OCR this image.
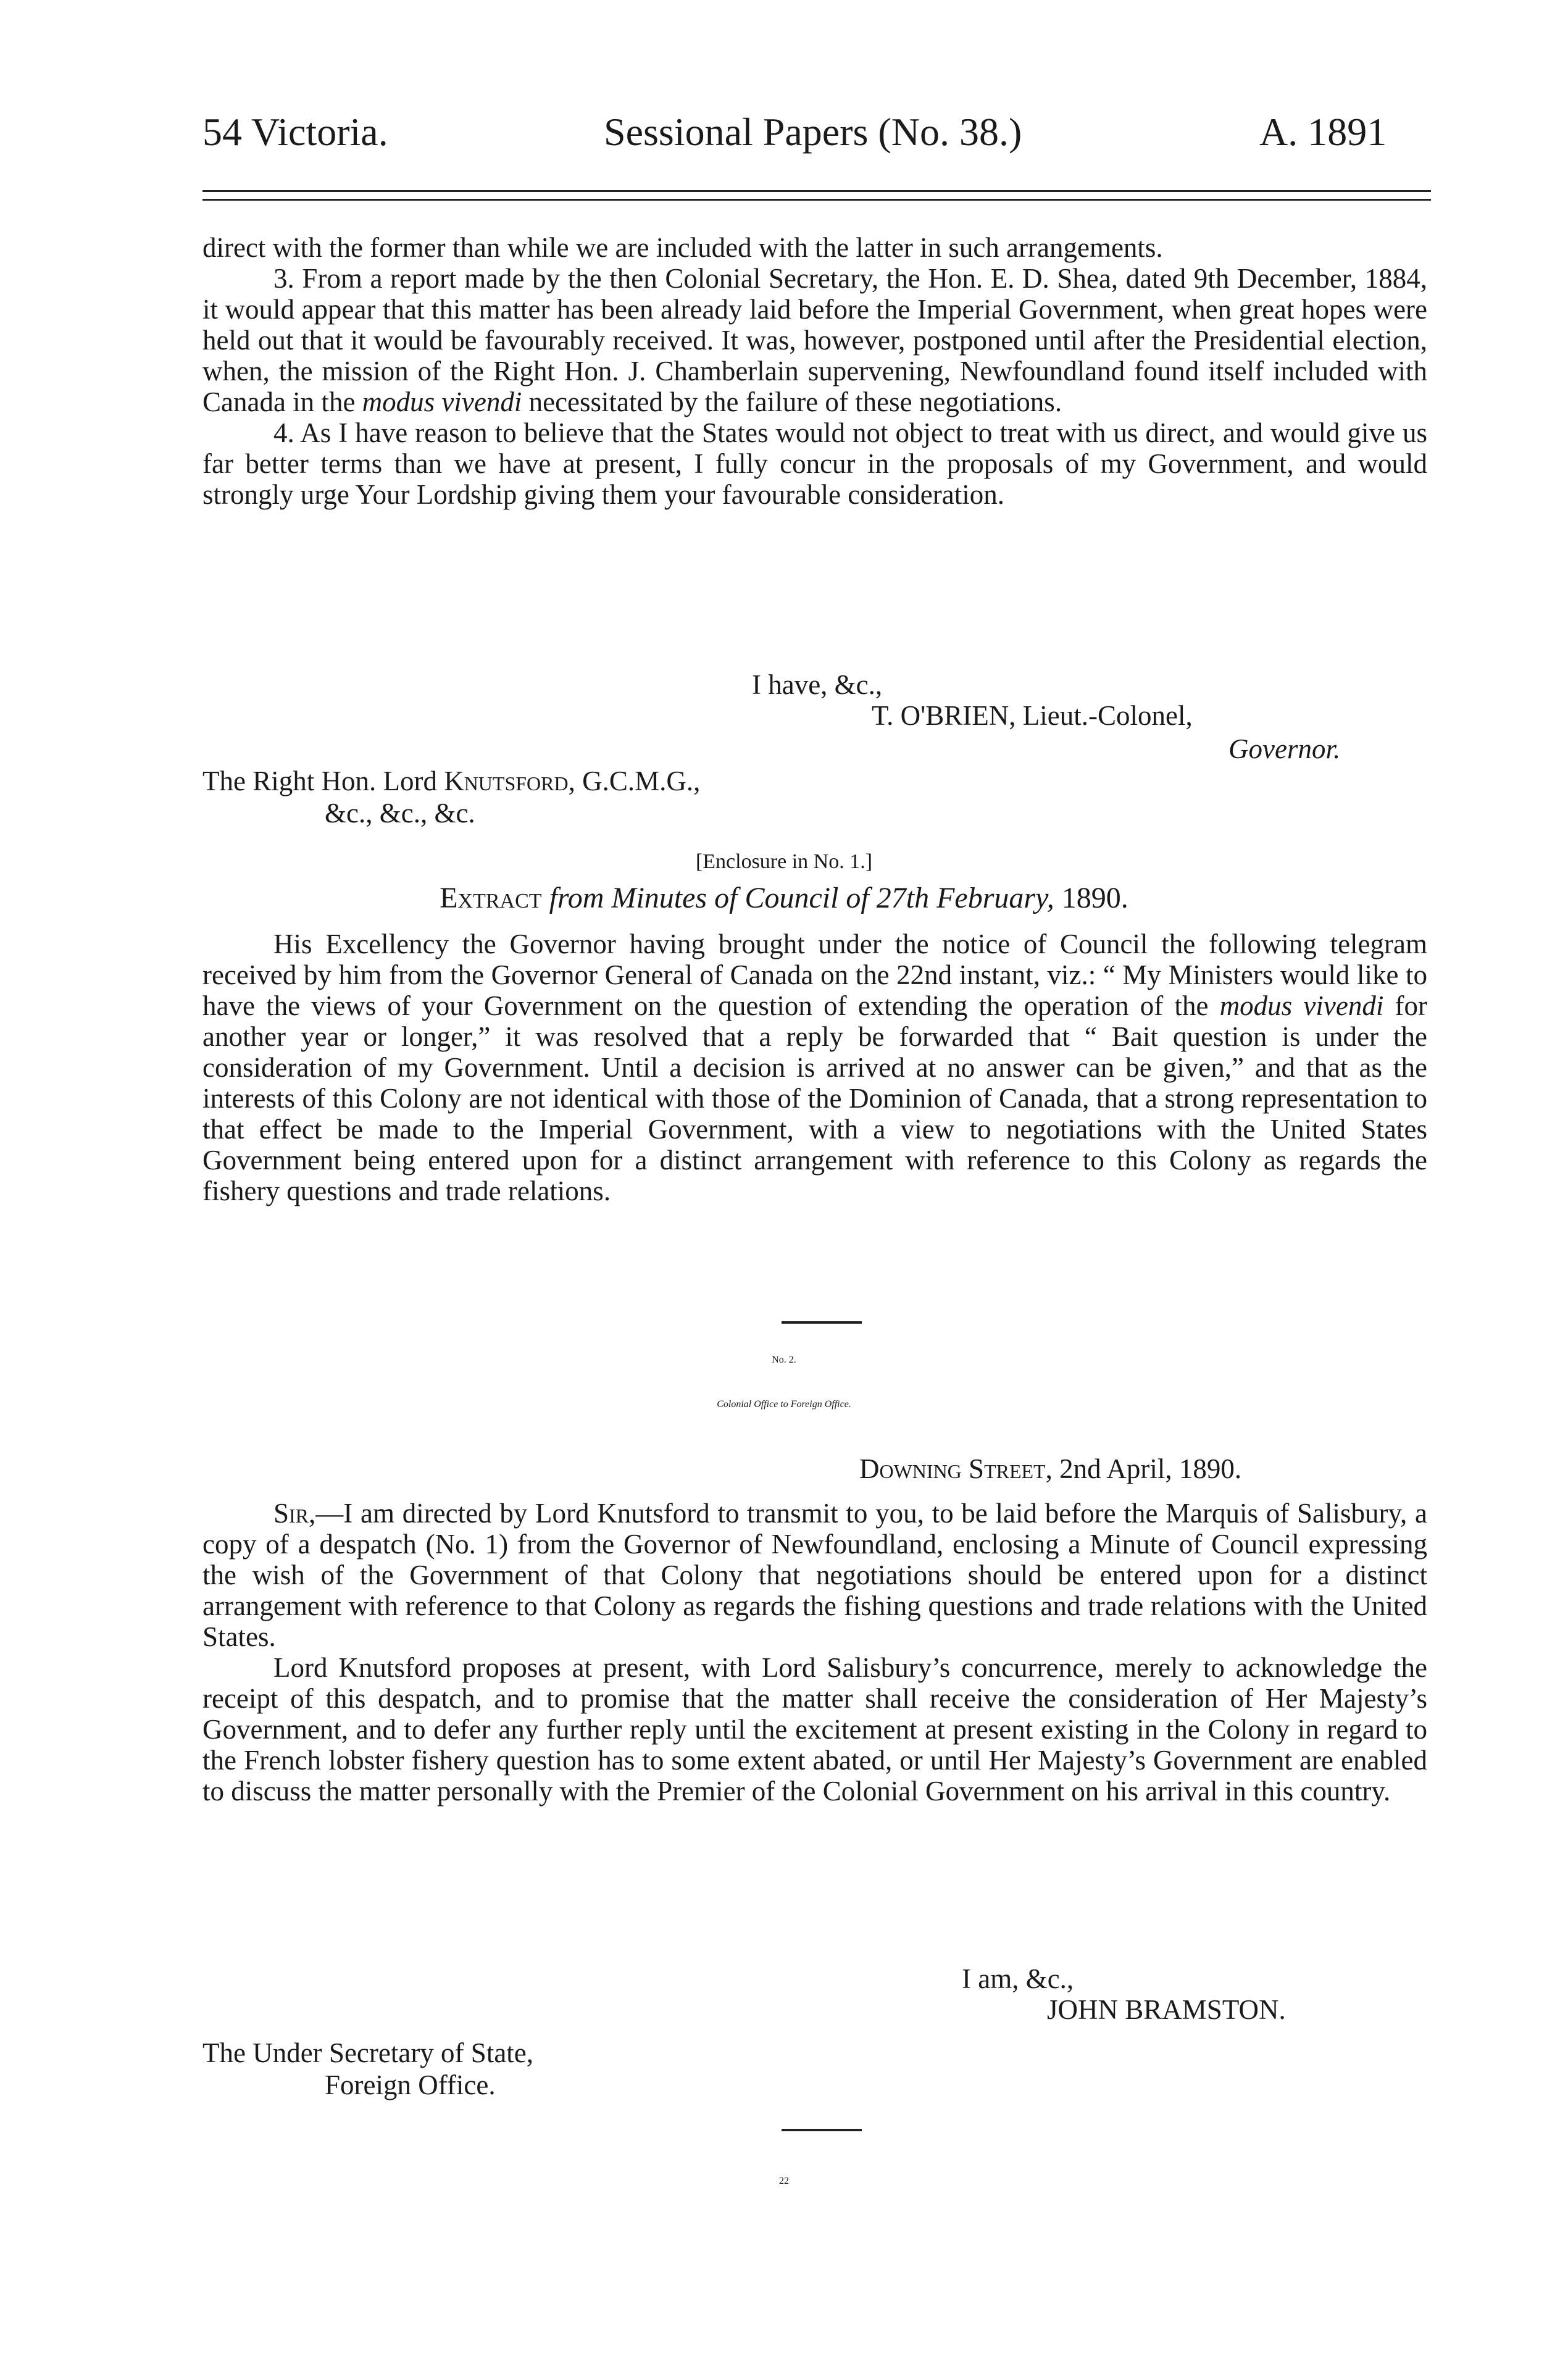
54 Victoria.	Sessional Papers (No. 38.)	A. 1891

direct with the former than while we are included with the latter in such arrangements.

3. From a report made by the then Colonial Secretary, the Hon. E. D. Shea, dated 9th December, 1884, it would appear that this matter has been already laid before the Imperial Government, when great hopes were held out that it would be favourably received. It was, however, postponed until after the Presidential election, when, the mission of the Right Hon. J. Chamberlain supervening, Newfoundland found itself included with Canada in the modus vivendi necessitated by the failure of these negotiations.

4. As I have reason to believe that the States would not object to treat with us direct, and would give us far better terms than we have at present, I fully concur in the proposals of my Government, and would strongly urge Your Lordship giving them your favourable consideration.

I have, &c.,
T. O'BRIEN, Lieut.-Colonel,
Governor.
The Right Hon. Lord Knutsford, G.C.M.G.,
&c., &c., &c.
[Enclosure in No. 1.]
Extract from Minutes of Council of 27th February, 1890.

His Excellency the Governor having brought under the notice of Council the following telegram received by him from the Governor General of Canada on the 22nd instant, viz.: “ My Ministers would like to have the views of your Government on the question of extending the operation of the modus vivendi for another year or longer,” it was resolved that a reply be forwarded that “ Bait question is under the consideration of my Government. Until a decision is arrived at no answer can be given,” and that as the interests of this Colony are not identical with those of the Dominion of Canada, that a strong representation to that effect be made to the Imperial Government, with a view to negotiations with the United States Government being entered upon for a distinct arrangement with reference to this Colony as regards the fishery questions and trade relations.

No. 2.
Colonial Office to Foreign Office.
Downing Street, 2nd April, 1890.

Sir,—I am directed by Lord Knutsford to transmit to you, to be laid before the Marquis of Salisbury, a copy of a despatch (No. 1) from the Governor of Newfoundland, enclosing a Minute of Council expressing the wish of the Government of that Colony that negotiations should be entered upon for a distinct arrangement with reference to that Colony as regards the fishing questions and trade relations with the United States.

Lord Knutsford proposes at present, with Lord Salisbury’s concurrence, merely to acknowledge the receipt of this despatch, and to promise that the matter shall receive the consideration of Her Majesty’s Government, and to defer any further reply until the excitement at present existing in the Colony in regard to the French lobster fishery question has to some extent abated, or until Her Majesty’s Government are enabled to discuss the matter personally with the Premier of the Colonial Government on his arrival in this country.

I am, &c.,
JOHN BRAMSTON.
The Under Secretary of State,
Foreign Office.
22
